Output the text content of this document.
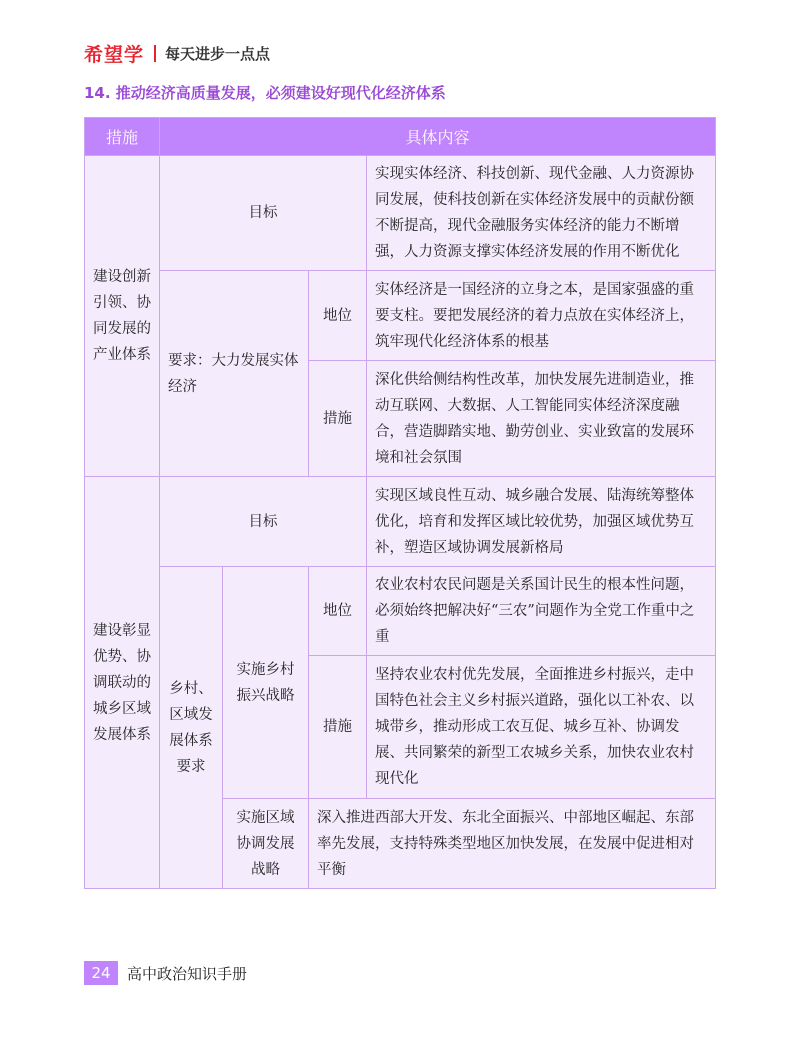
希望学 每天进步一点点
14. 推动经济高质量发展，必须建设好现代化经济体系
措施	具体内容			
建设创新引领、协同发展的产业体系	目标			实现实体经济、科技创新、现代金融、人力资源协同发展，使科技创新在实体经济发展中的贡献份额不断提高，现代金融服务实体经济的能力不断增强，人力资源支撑实体经济发展的作用不断优化
	要求：大力发展实体经济		地位	实体经济是一国经济的立身之本，是国家强盛的重要支柱。要把发展经济的着力点放在实体经济上，筑牢现代化经济体系的根基
			措施	深化供给侧结构性改革，加快发展先进制造业，推动互联网、大数据、人工智能同实体经济深度融合，营造脚踏实地、勤劳创业、实业致富的发展环境和社会氛围
建设彰显优势、协调联动的城乡区域发展体系	目标			实现区域良性互动、城乡融合发展、陆海统筹整体优化，培育和发挥区域比较优势，加强区域优势互补，塑造区域协调发展新格局
	乡村、区域发展体系要求	实施乡村振兴战略	地位	农业农村农民问题是关系国计民生的根本性问题，必须始终把解决好“三农”问题作为全党工作重中之重
			措施	坚持农业农村优先发展，全面推进乡村振兴，走中国特色社会主义乡村振兴道路，强化以工补农、以城带乡，推动形成工农互促、城乡互补、协调发展、共同繁荣的新型工农城乡关系，加快农业农村现代化
		实施区域协调发展战略	深入推进西部大开发、东北全面振兴、中部地区崛起、东部率先发展，支持特殊类型地区加快发展，在发展中促进相对平衡	
24	高中政治知识手册
